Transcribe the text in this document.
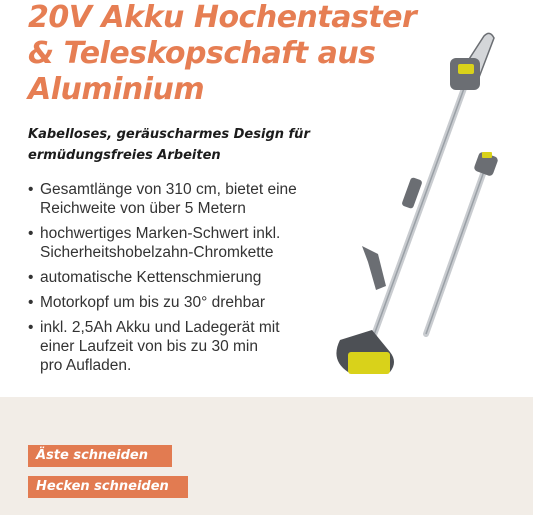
20V Akku Hochentaster
& Teleskopschaft aus
Aluminium

Kabelloses, geräuscharmes Design für
ermüdungsfreies Arbeiten

• Gesamtlänge von 310 cm, bietet eine
Reichweite von über 5 Metern
• hochwertiges Marken-Schwert inkl.
Sicherheitshobelzahn-Chromkette
• automatische Kettenschmierung
• Motorkopf um bis zu 30° drehbar
• inkl. 2,5Ah Akku und Ladegerät mit
einer Laufzeit von bis zu 30 min
pro Aufladen.
Äste schneiden
Hecken schneiden
